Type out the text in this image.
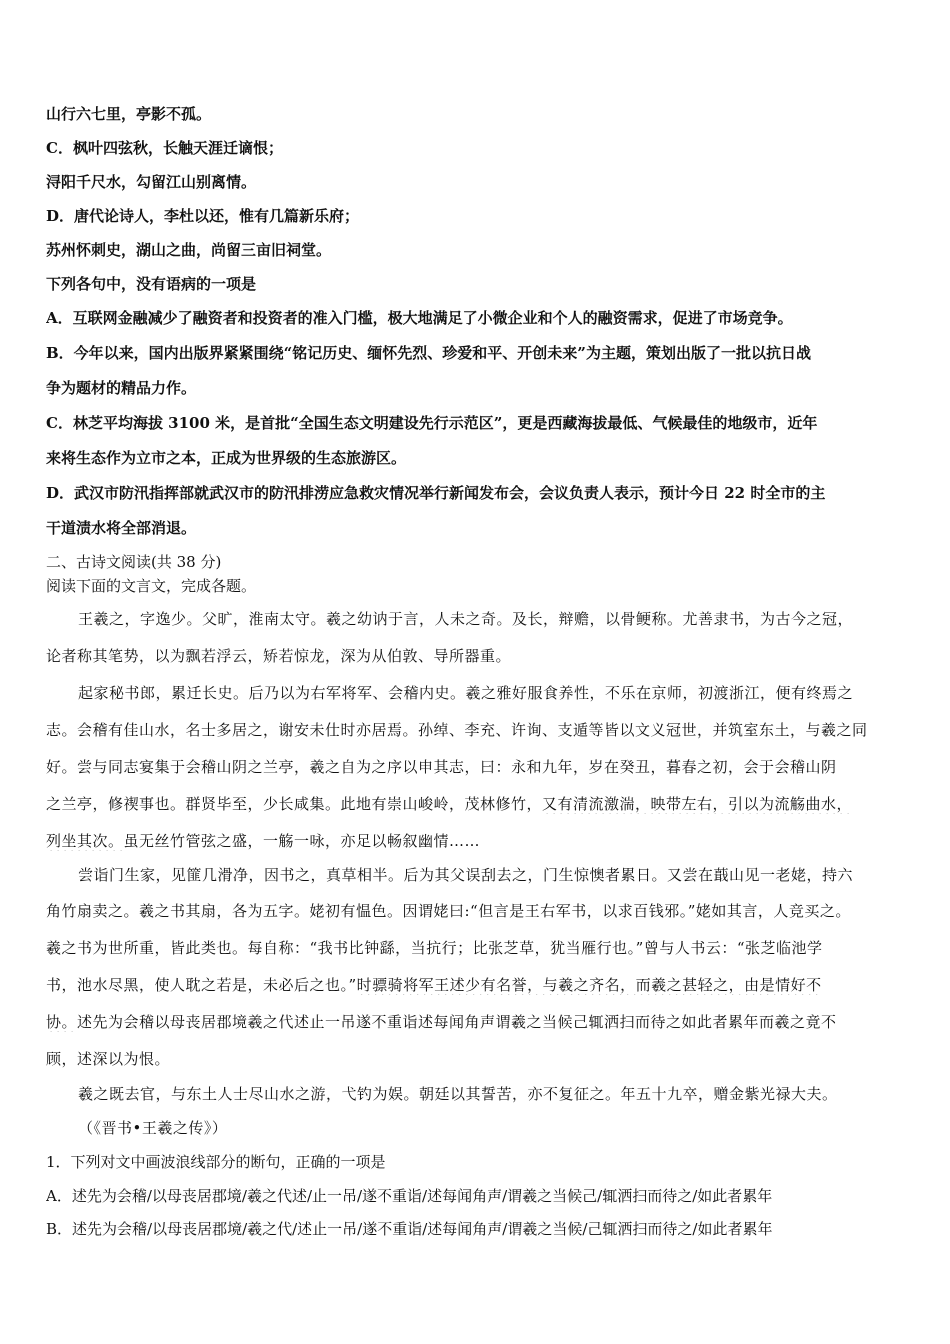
山行六七里，亭影不孤。
C．枫叶四弦秋，长触天涯迁谪恨；
浔阳千尺水，勾留江山别离情。
D．唐代论诗人，李杜以还，惟有几篇新乐府；
苏州怀刺史，湖山之曲，尚留三亩旧祠堂。
下列各句中，没有语病的一项是
A．互联网金融减少了融资者和投资者的准入门槛，极大地满足了小微企业和个人的融资需求，促进了市场竞争。
B．今年以来，国内出版界紧紧围绕“铭记历史、缅怀先烈、珍爱和平、开创未来”为主题，策划出版了一批以抗日战
争为题材的精品力作。
C．林芝平均海拔 3100 米，是首批“全国生态文明建设先行示范区”，更是西藏海拔最低、气候最佳的地级市，近年
来将生态作为立市之本，正成为世界级的生态旅游区。
D．武汉市防汛指挥部就武汉市的防汛排涝应急救灾情况举行新闻发布会，会议负责人表示，预计今日 22 时全市的主
干道渍水将全部消退。
二、古诗文阅读(共 38 分)
阅读下面的文言文，完成各题。
王羲之，字逸少。父旷，淮南太守。羲之幼讷于言，人未之奇。及长，辩赡，以骨鲠称。尤善隶书，为古今之冠，
论者称其笔势，以为飘若浮云，矫若惊龙，深为从伯敦、导所器重。
起家秘书郎，累迁长史。后乃以为右军将军、会稽内史。羲之雅好服食养性，不乐在京师，初渡浙江，便有终焉之
志。会稽有佳山水，名士多居之，谢安未仕时亦居焉。孙绰、李充、许询、支遁等皆以文义冠世，并筑室东土，与羲之同
好。尝与同志宴集于会稽山阴之兰亭，羲之自为之序以申其志，曰：永和九年，岁在癸丑，暮春之初，会于会稽山阴
之兰亭，修禊事也。群贤毕至，少长咸集。此地有崇山峻岭，茂林修竹，又有清流激湍，映带左右，引以为流觞曲水，
列坐其次。虽无丝竹管弦之盛，一觞一咏，亦足以畅叙幽情……
尝诣门生家，见篚几滑净，因书之，真草相半。后为其父误刮去之，门生惊懊者累日。又尝在蕺山见一老姥，持六
角竹扇卖之。羲之书其扇，各为五字。姥初有愠色。因谓姥曰:“但言是王右军书，以求百钱邪。”姥如其言，人竞买之。
羲之书为世所重，皆此类也。每自称：“我书比钟繇，当抗行；比张芝草，犹当雁行也。”曾与人书云：“张芝临池学
书，池水尽黑，使人耽之若是，未必后之也。”时骠骑将军王述少有名誉，与羲之齐名，而羲之甚轻之，由是情好不
协。述先为会稽以母丧居郡境羲之代述止一吊遂不重诣述每闻角声谓羲之当候己辄洒扫而待之如此者累年而羲之竟不
顾，述深以为恨。
羲之既去官，与东土人士尽山水之游，弋钓为娱。朝廷以其誓苦，亦不复征之。年五十九卒，赠金紫光禄大夫。
（《晋书•王羲之传》）
1．下列对文中画波浪线部分的断句，正确的一项是
A．述先为会稽/以母丧居郡境/羲之代述/止一吊/遂不重诣/述每闻角声/谓羲之当候己/辄洒扫而待之/如此者累年
B．述先为会稽/以母丧居郡境/羲之代/述止一吊/遂不重诣/述每闻角声/谓羲之当候/己辄洒扫而待之/如此者累年
